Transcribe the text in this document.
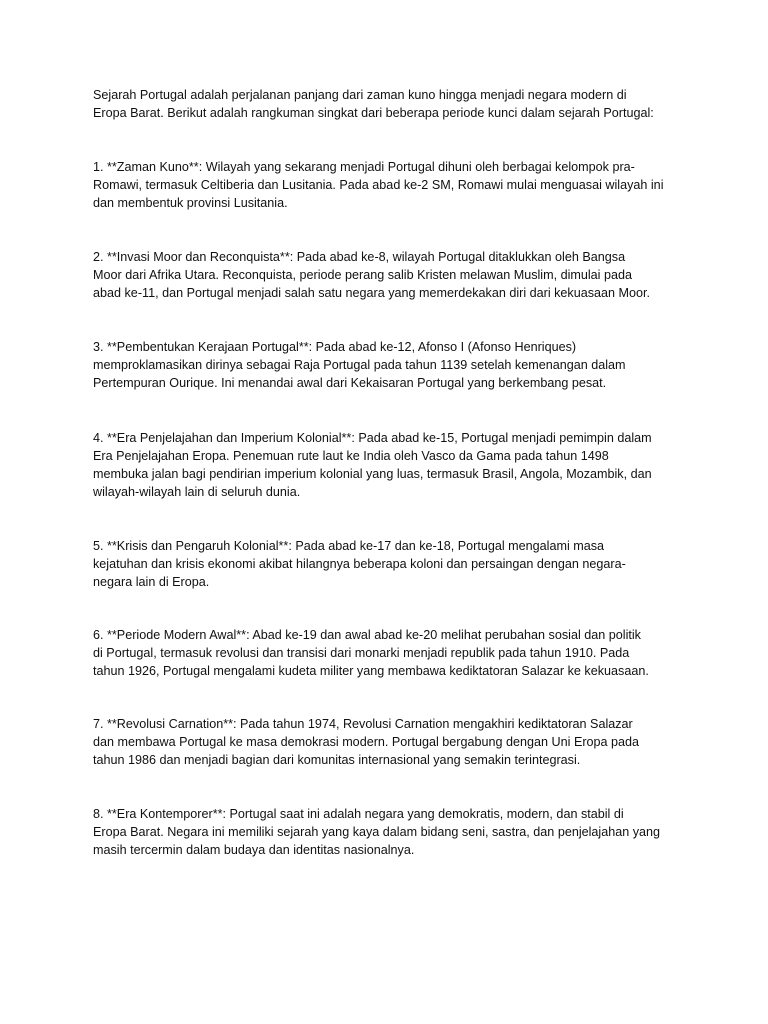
Sejarah Portugal adalah perjalanan panjang dari zaman kuno hingga menjadi negara modern di
Eropa Barat. Berikut adalah rangkuman singkat dari beberapa periode kunci dalam sejarah Portugal:

1. **Zaman Kuno**: Wilayah yang sekarang menjadi Portugal dihuni oleh berbagai kelompok pra-
Romawi, termasuk Celtiberia dan Lusitania. Pada abad ke-2 SM, Romawi mulai menguasai wilayah ini
dan membentuk provinsi Lusitania.

2. **Invasi Moor dan Reconquista**: Pada abad ke-8, wilayah Portugal ditaklukkan oleh Bangsa
Moor dari Afrika Utara. Reconquista, periode perang salib Kristen melawan Muslim, dimulai pada
abad ke-11, dan Portugal menjadi salah satu negara yang memerdekakan diri dari kekuasaan Moor.

3. **Pembentukan Kerajaan Portugal**: Pada abad ke-12, Afonso I (Afonso Henriques)
memproklamasikan dirinya sebagai Raja Portugal pada tahun 1139 setelah kemenangan dalam
Pertempuran Ourique. Ini menandai awal dari Kekaisaran Portugal yang berkembang pesat.

4. **Era Penjelajahan dan Imperium Kolonial**: Pada abad ke-15, Portugal menjadi pemimpin dalam
Era Penjelajahan Eropa. Penemuan rute laut ke India oleh Vasco da Gama pada tahun 1498
membuka jalan bagi pendirian imperium kolonial yang luas, termasuk Brasil, Angola, Mozambik, dan
wilayah-wilayah lain di seluruh dunia.

5. **Krisis dan Pengaruh Kolonial**: Pada abad ke-17 dan ke-18, Portugal mengalami masa
kejatuhan dan krisis ekonomi akibat hilangnya beberapa koloni dan persaingan dengan negara-
negara lain di Eropa.

6. **Periode Modern Awal**: Abad ke-19 dan awal abad ke-20 melihat perubahan sosial dan politik
di Portugal, termasuk revolusi dan transisi dari monarki menjadi republik pada tahun 1910. Pada
tahun 1926, Portugal mengalami kudeta militer yang membawa kediktatoran Salazar ke kekuasaan.

7. **Revolusi Carnation**: Pada tahun 1974, Revolusi Carnation mengakhiri kediktatoran Salazar
dan membawa Portugal ke masa demokrasi modern. Portugal bergabung dengan Uni Eropa pada
tahun 1986 dan menjadi bagian dari komunitas internasional yang semakin terintegrasi.

8. **Era Kontemporer**: Portugal saat ini adalah negara yang demokratis, modern, dan stabil di
Eropa Barat. Negara ini memiliki sejarah yang kaya dalam bidang seni, sastra, dan penjelajahan yang
masih tercermin dalam budaya dan identitas nasionalnya.
